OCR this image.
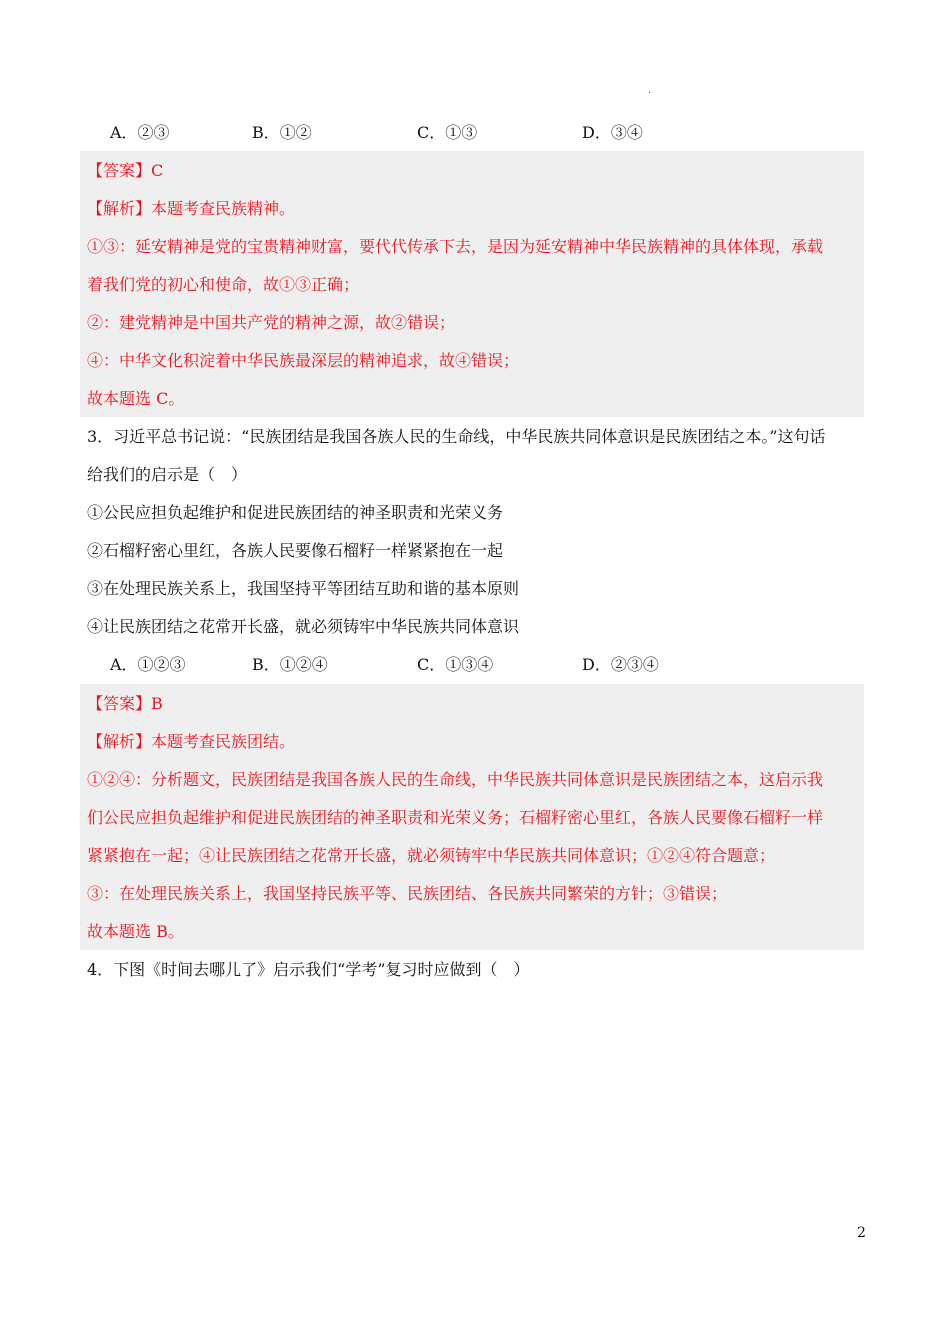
·
A．②③	B．①②	C．①③	D．③④
【答案】C
【解析】本题考查民族精神。
①③：延安精神是党的宝贵精神财富，要代代传承下去，是因为延安精神中华民族精神的具体体现，承载
着我们党的初心和使命，故①③正确；
②：建党精神是中国共产党的精神之源，故②错误；
④：中华文化积淀着中华民族最深层的精神追求，故④错误；
故本题选 C。
3．习近平总书记说：“民族团结是我国各族人民的生命线，中华民族共同体意识是民族团结之本。”这句话
给我们的启示是（　）
①公民应担负起维护和促进民族团结的神圣职责和光荣义务
②石榴籽密心里红，各族人民要像石榴籽一样紧紧抱在一起
③在处理民族关系上，我国坚持平等团结互助和谐的基本原则
④让民族团结之花常开长盛，就必须铸牢中华民族共同体意识
A．①②③	B．①②④	C．①③④	D．②③④
【答案】B
【解析】本题考查民族团结。
①②④：分析题文，民族团结是我国各族人民的生命线，中华民族共同体意识是民族团结之本，这启示我
们公民应担负起维护和促进民族团结的神圣职责和光荣义务；石榴籽密心里红，各族人民要像石榴籽一样
紧紧抱在一起；④让民族团结之花常开长盛，就必须铸牢中华民族共同体意识；①②④符合题意；
③：在处理民族关系上，我国坚持民族平等、民族团结、各民族共同繁荣的方针；③错误；
故本题选 B。
4．下图《时间去哪儿了》启示我们“学考”复习时应做到（　）
2
